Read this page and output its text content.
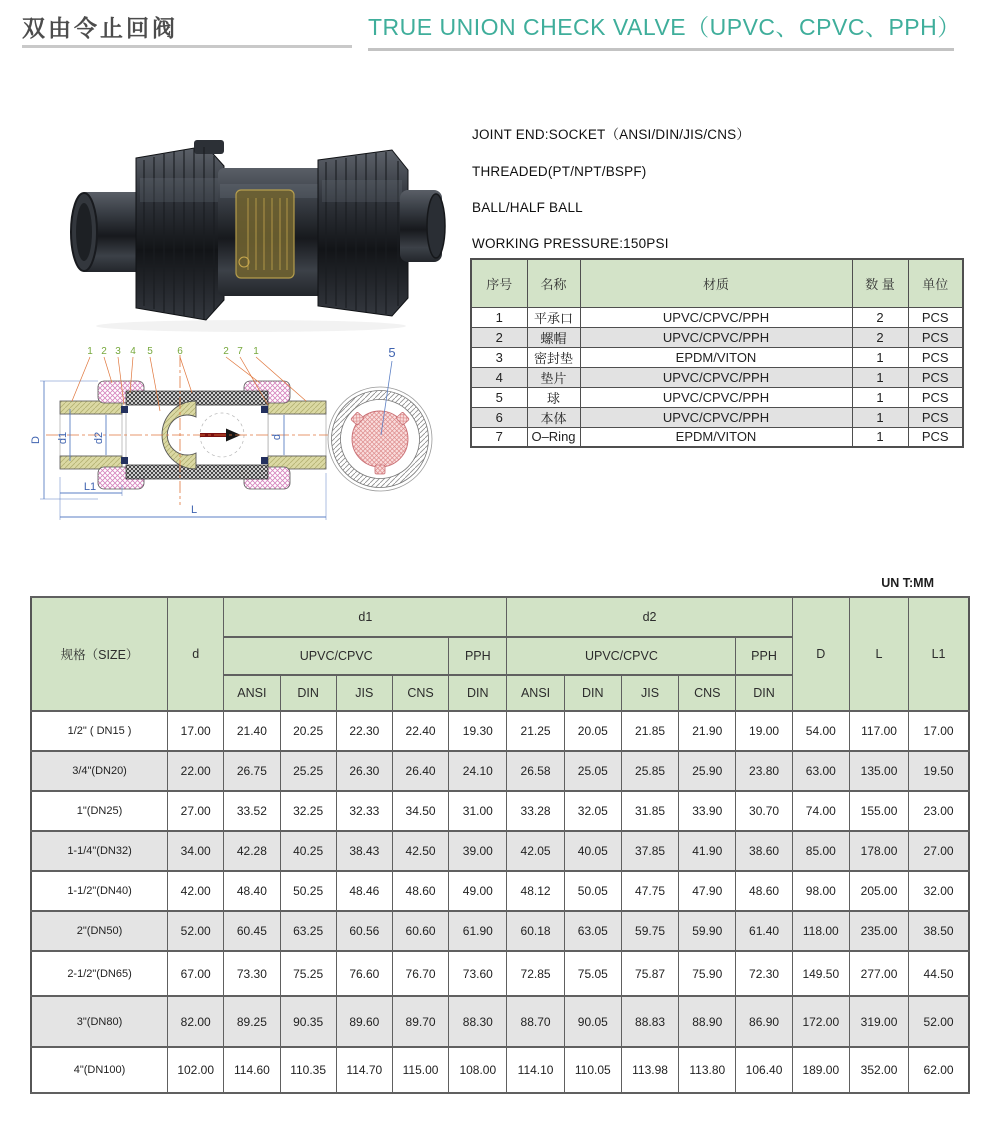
双由令止回阀	TRUE UNION CHECK VALVE（UPVC、CPVC、PPH）
JOINT END:SOCKET（ANSI/DIN/JIS/CNS）
THREADED(PT/NPT/BSPF)
BALL/HALF BALL
WORKING PRESSURE:150PSI
序号	名称	材质	数 量	单位
1	平承口	UPVC/CPVC/PPH	2	PCS
2	螺帽	UPVC/CPVC/PPH	2	PCS
3	密封垫	EPDM/VITON	1	PCS
4	垫片	UPVC/CPVC/PPH	1	PCS
5	球	UPVC/CPVC/PPH	1	PCS
6	本体	UPVC/CPVC/PPH	1	PCS
7	O–Ring	EPDM/VITON	1	PCS
1 2 3 4 5 6	2 7 1
D d1 d2	d
L1
L
5
UN T:MM
规格（SIZE）	d	d1					d2					D	L	L1
		UPVC/CPVC				PPH	UPVC/CPVC				PPH			
		ANSI	DIN	JIS	CNS	DIN	ANSI	DIN	JIS	CNS	DIN			
1/2" ( DN15 )	17.00	21.40	20.25	22.30	22.40	19.30	21.25	20.05	21.85	21.90	19.00	54.00	117.00	17.00
3/4"(DN20)	22.00	26.75	25.25	26.30	26.40	24.10	26.58	25.05	25.85	25.90	23.80	63.00	135.00	19.50
1"(DN25)	27.00	33.52	32.25	32.33	34.50	31.00	33.28	32.05	31.85	33.90	30.70	74.00	155.00	23.00
1-1/4"(DN32)	34.00	42.28	40.25	38.43	42.50	39.00	42.05	40.05	37.85	41.90	38.60	85.00	178.00	27.00
1-1/2"(DN40)	42.00	48.40	50.25	48.46	48.60	49.00	48.12	50.05	47.75	47.90	48.60	98.00	205.00	32.00
2"(DN50)	52.00	60.45	63.25	60.56	60.60	61.90	60.18	63.05	59.75	59.90	61.40	118.00	235.00	38.50
2-1/2"(DN65)	67.00	73.30	75.25	76.60	76.70	73.60	72.85	75.05	75.87	75.90	72.30	149.50	277.00	44.50
3"(DN80)	82.00	89.25	90.35	89.60	89.70	88.30	88.70	90.05	88.83	88.90	86.90	172.00	319.00	52.00
4"(DN100)	102.00	114.60	110.35	114.70	115.00	108.00	114.10	110.05	113.98	113.80	106.40	189.00	352.00	62.00
